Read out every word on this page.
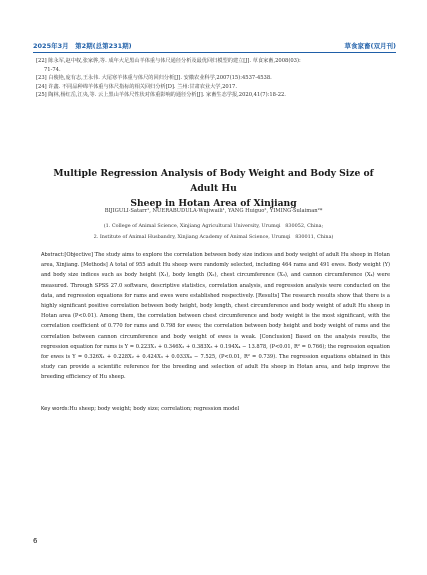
2025年3月　第2期(总第231期)	草食家畜(双月刊)

[22] 陈永军,赵中权,张家骅,等. 成年大足黑山羊体重与体尺通径分析及最优回归模型的建立[J]. 草食家畜,2008(03):

71-74.

[23] 白俊艳,庞有志,王永伟. 大尾寒羊体重与体尺的回归分析[J]. 安徽农业科学,2007(15):4537-4538.

[24] 许鑫. 不同品种绵羊体重与体尺指标的相关回归分析[D]. 兰州:甘肃农业大学,2017.

[25] 陶林,杨红岳,江央,等. 云上黑山羊体尺性状对体重影响的通径分析[J]. 家畜生态学报,2020,41(7):18-22.

Multiple Regression Analysis of Body Weight and Body Size of Adult Hu
Sheep in Hotan Area of Xinjiang
BIJIGULI·Satarr¹, NUERABUDULA·Wujiwaili¹, YANG Huiguo², YIMING·Sulaiman²*
(1. College of Animal Science, Xinjiang Agricultural University, Urumqi　830052, China;
2. Institute of Animal Husbandry, Xinjiang Academy of Animal Science, Urumqi　830011, China)
Abstract:[Objective] The study aims to explore the correlation between body size indices and body weight of adult Hu sheep in Hotan area, Xinjiang. [Methods] A total of 955 adult Hu sheep were randomly selected, including 464 rams and 491 ewes. Body weight (Y) and body size indices such as body height (X₁), body length (X₂), chest circumference (X₃), and cannon circumference (X₄) were measured. Through SPSS 27.0 software, descriptive statistics, correlation analysis, and regression analysis were conducted on the data, and regression equations for rams and ewes were established respectively. [Results] The research results show that there is a highly significant positive correlation between body height, body length, chest circumference and body weight of adult Hu sheep in Hotan area (P<0.01). Among them, the correlation between chest circumference and body weight is the most significant, with the correlation coefficient of 0.770 for rams and 0.798 for ewes; the correlation between body height and body weight of rams and the correlation between cannon circumference and body weight of ewes is weak. [Conclusion] Based on the analysis results, the regression equation for rams is Y = 0.223X₁ + 0.346X₂ + 0.383X₃ + 0.194X₄ − 13.878, (P<0.01, R² = 0.766); the regression equation for ewes is Y = 0.326X₁ + 0.228X₂ + 0.424X₃ + 0.033X₄ − 7.525, (P<0.01, R² = 0.739). The regression equations obtained in this study can provide a scientific reference for the breeding and selection of adult Hu sheep in Hotan area, and help improve the breeding efficiency of Hu sheep.
Key words:Hu sheep; body weight; body size; correlation; regression model
6
